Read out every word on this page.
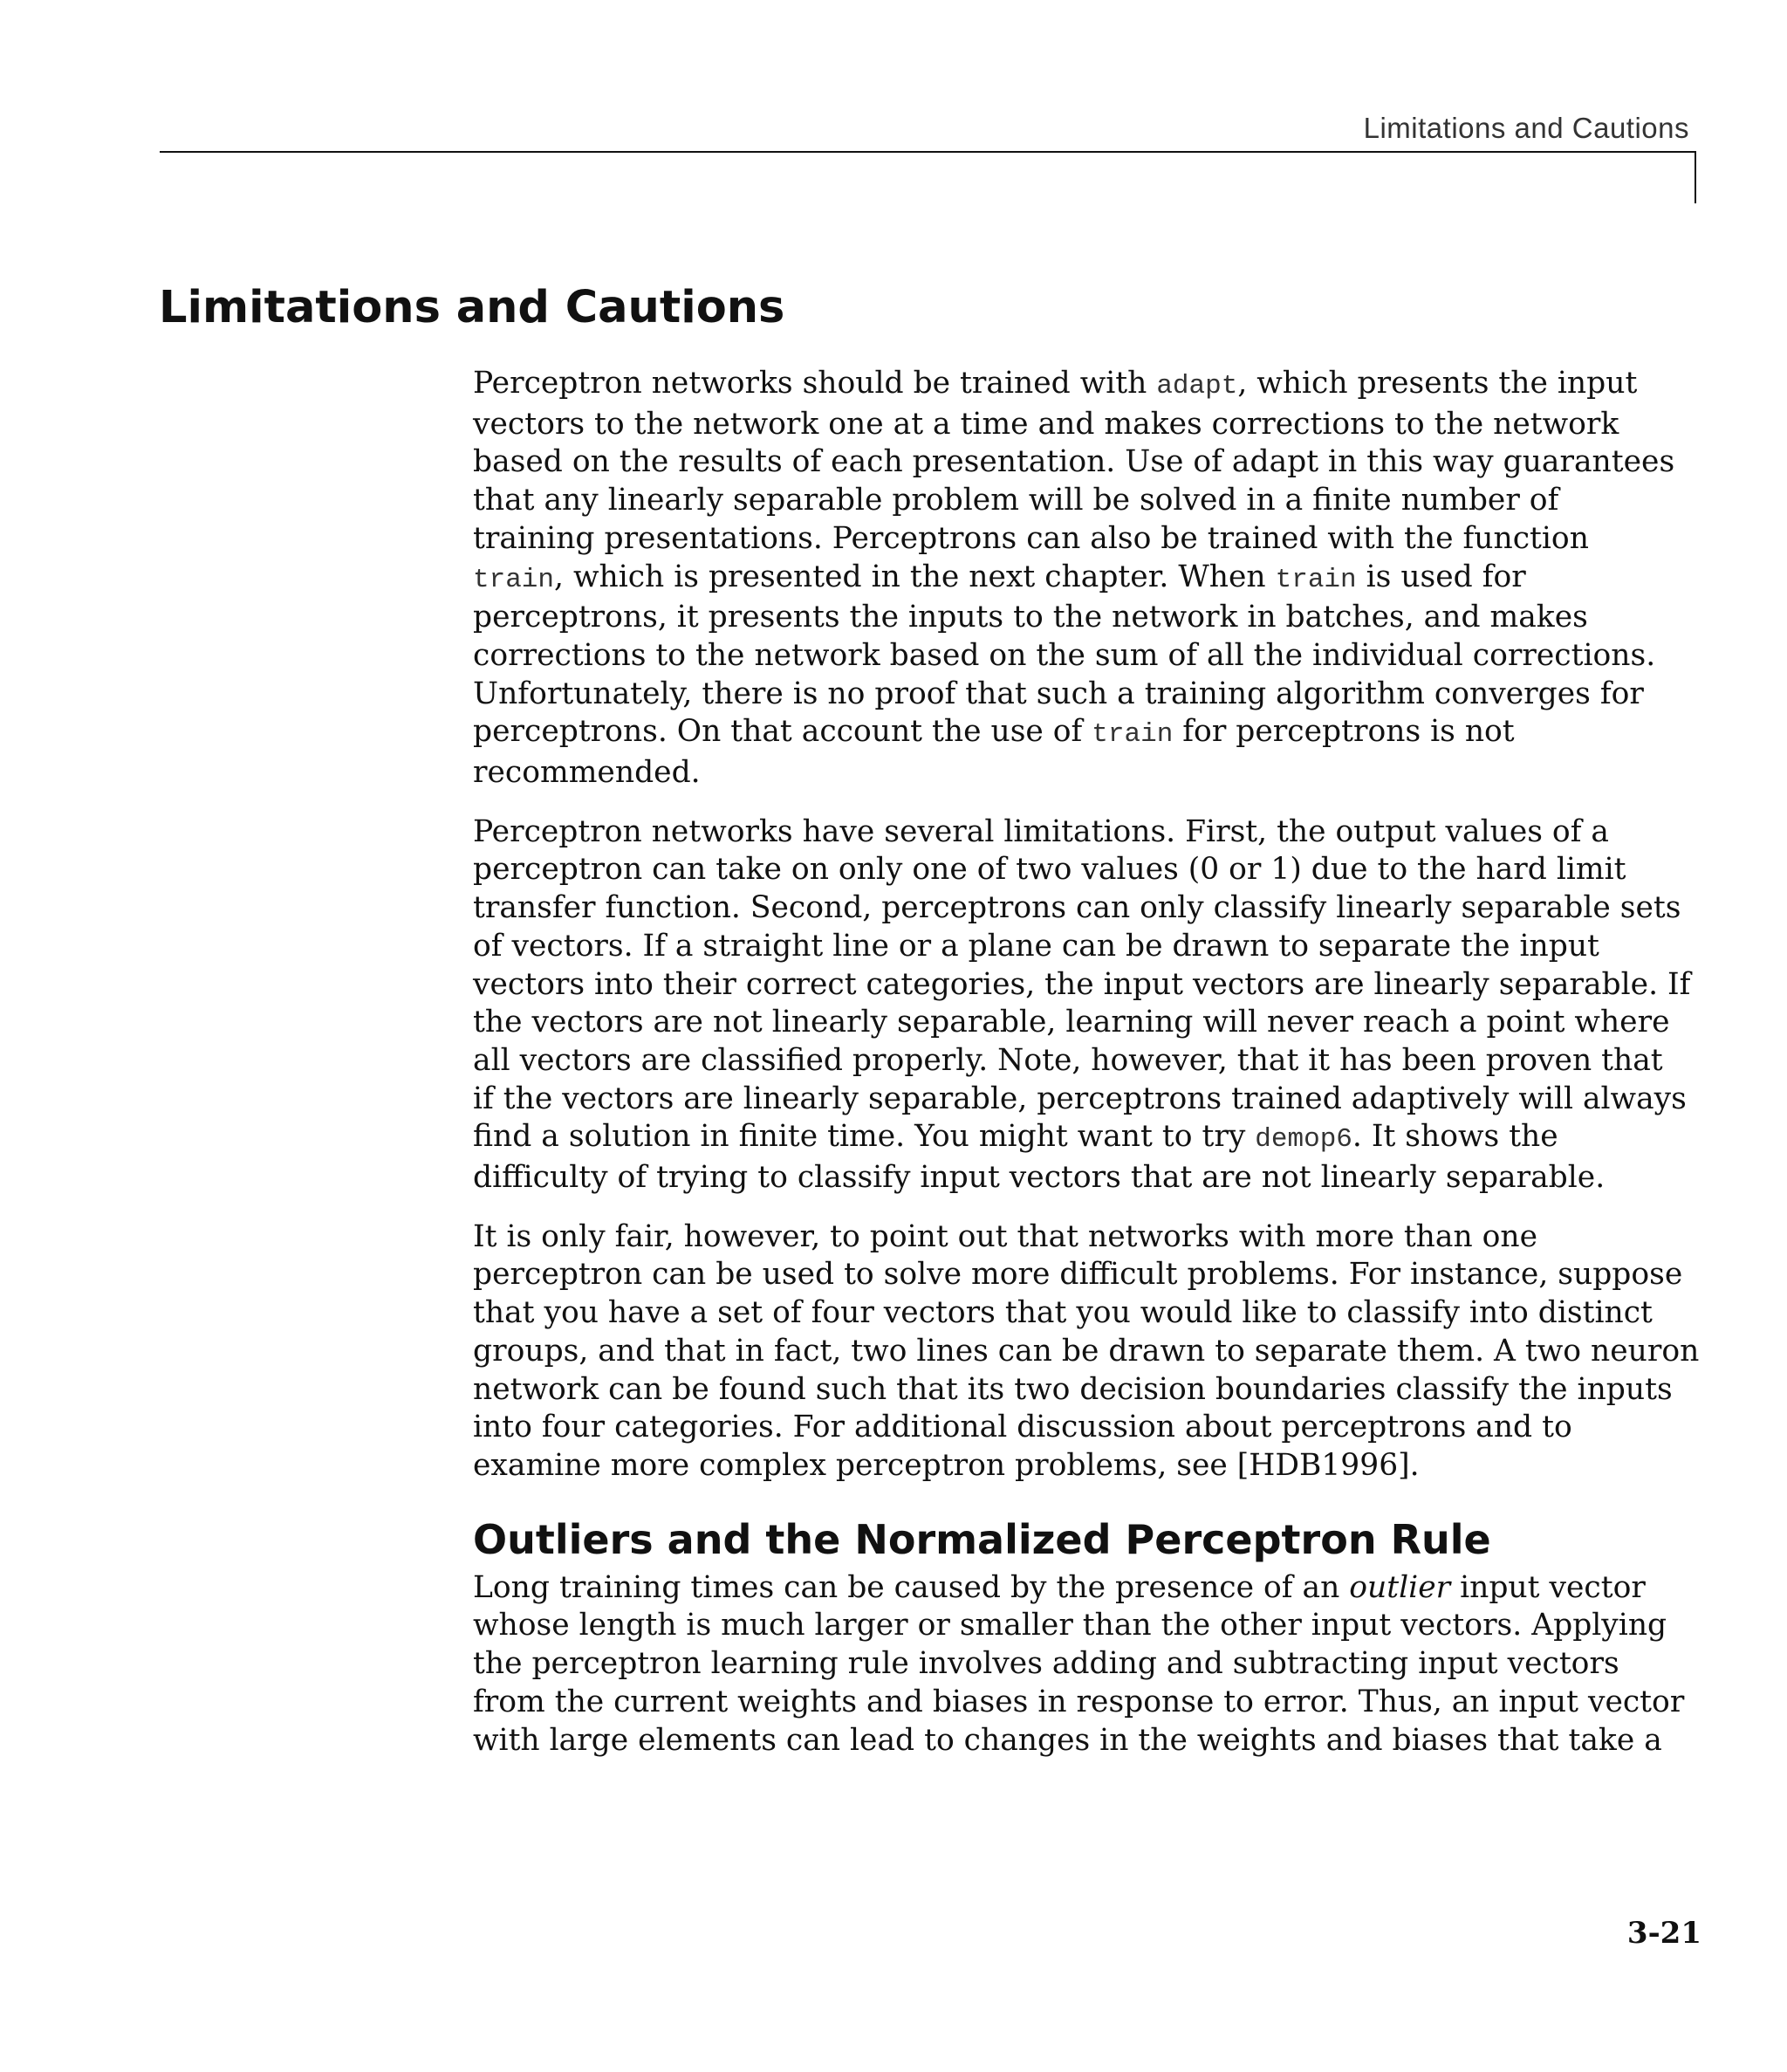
Limitations and Cautions
Limitations and Cautions

Perceptron networks should be trained with adapt, which presents the input
vectors to the network one at a time and makes corrections to the network
based on the results of each presentation. Use of adapt in this way guarantees
that any linearly separable problem will be solved in a finite number of
training presentations. Perceptrons can also be trained with the function
train, which is presented in the next chapter. When train is used for
perceptrons, it presents the inputs to the network in batches, and makes
corrections to the network based on the sum of all the individual corrections.
Unfortunately, there is no proof that such a training algorithm converges for
perceptrons. On that account the use of train for perceptrons is not
recommended.

Perceptron networks have several limitations. First, the output values of a
perceptron can take on only one of two values (0 or 1) due to the hard limit
transfer function. Second, perceptrons can only classify linearly separable sets
of vectors. If a straight line or a plane can be drawn to separate the input
vectors into their correct categories, the input vectors are linearly separable. If
the vectors are not linearly separable, learning will never reach a point where
all vectors are classified properly. Note, however, that it has been proven that
if the vectors are linearly separable, perceptrons trained adaptively will always
find a solution in finite time. You might want to try demop6. It shows the
difficulty of trying to classify input vectors that are not linearly separable.

It is only fair, however, to point out that networks with more than one
perceptron can be used to solve more difficult problems. For instance, suppose
that you have a set of four vectors that you would like to classify into distinct
groups, and that in fact, two lines can be drawn to separate them. A two neuron
network can be found such that its two decision boundaries classify the inputs
into four categories. For additional discussion about perceptrons and to
examine more complex perceptron problems, see [HDB1996].

Outliers and the Normalized Perceptron Rule

Long training times can be caused by the presence of an outlier input vector
whose length is much larger or smaller than the other input vectors. Applying
the perceptron learning rule involves adding and subtracting input vectors
from the current weights and biases in response to error. Thus, an input vector
with large elements can lead to changes in the weights and biases that take a

3-21
